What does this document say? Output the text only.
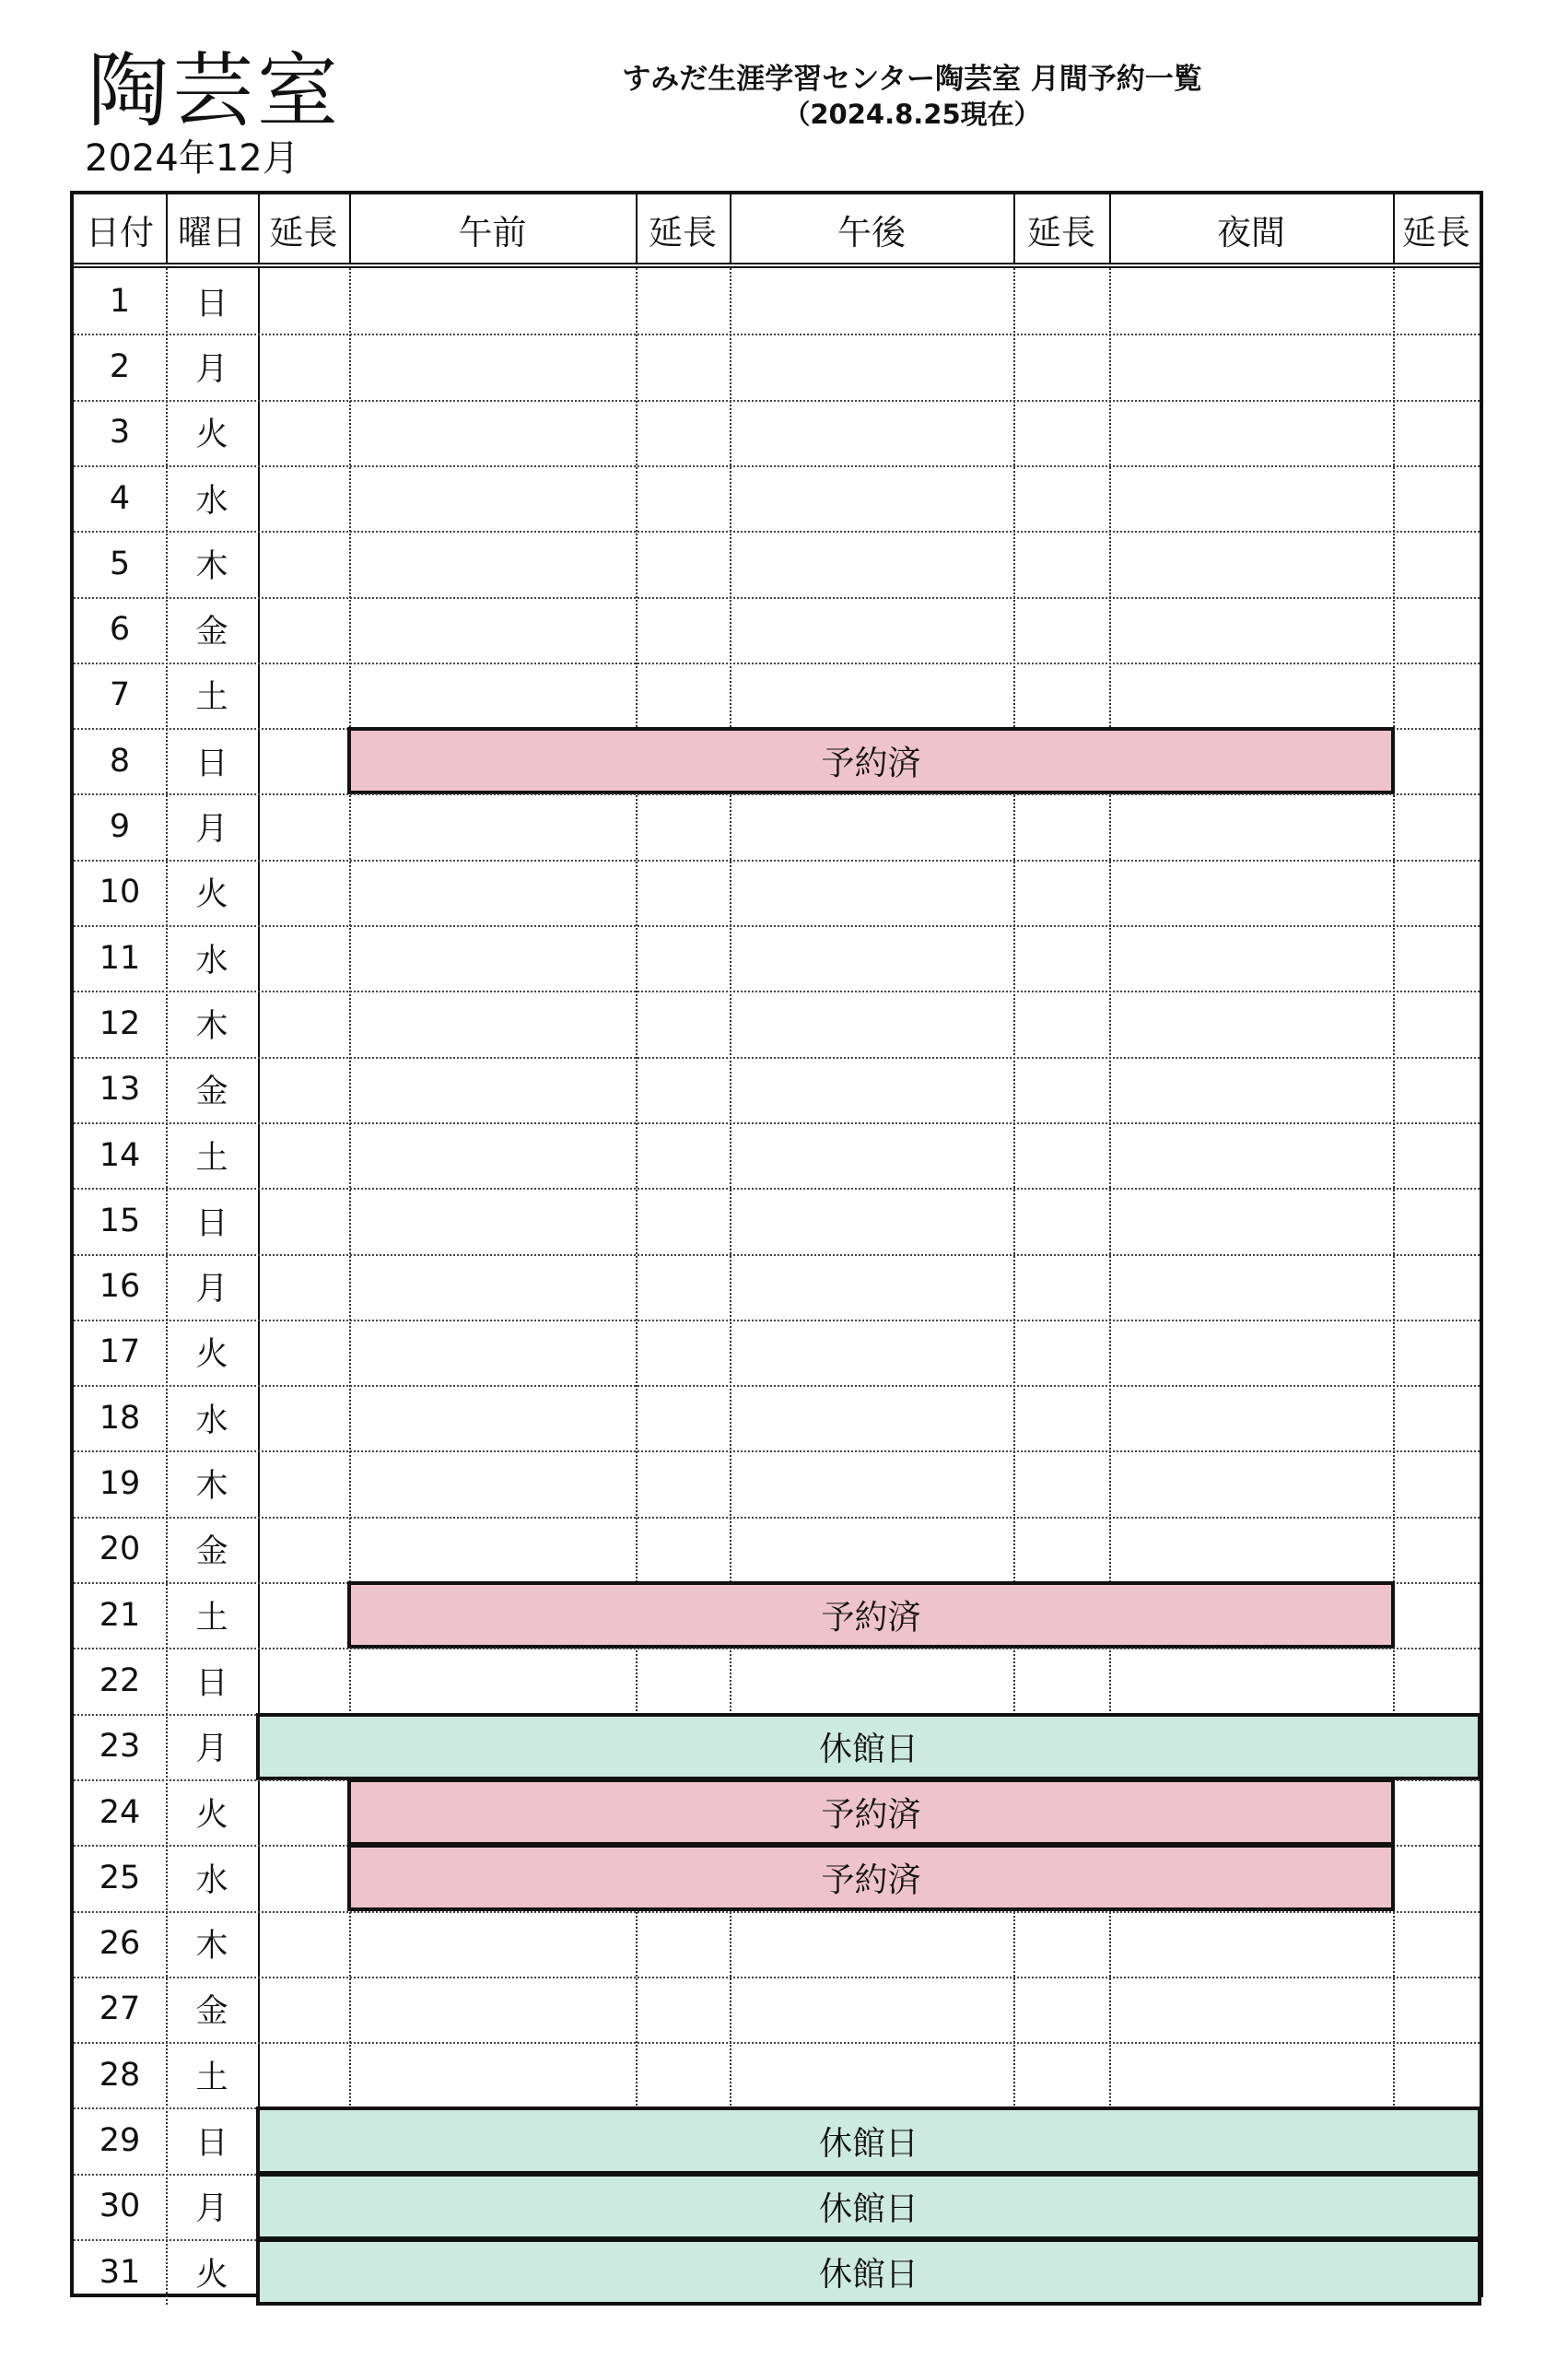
陶芸室
2024年12月
すみだ生涯学習センター陶芸室 月間予約一覧
（2024.8.25現在）
日付 曜日 延長	午前	延長	午後	延長	夜間	延長
1	日
2	月
3	火
4	水
5	木
6	金
7	土
8	日	予約済
9	月
10	火
11	水
12	木
13	金
14	土
15	日
16	月
17	火
18	水
19	木
20	金
21	土	予約済
22	日
23	月	休館日
24	火	予約済
25	水	予約済
26	木
27	金
28	土
29	日	休館日
30	月	休館日
31	火	休館日
